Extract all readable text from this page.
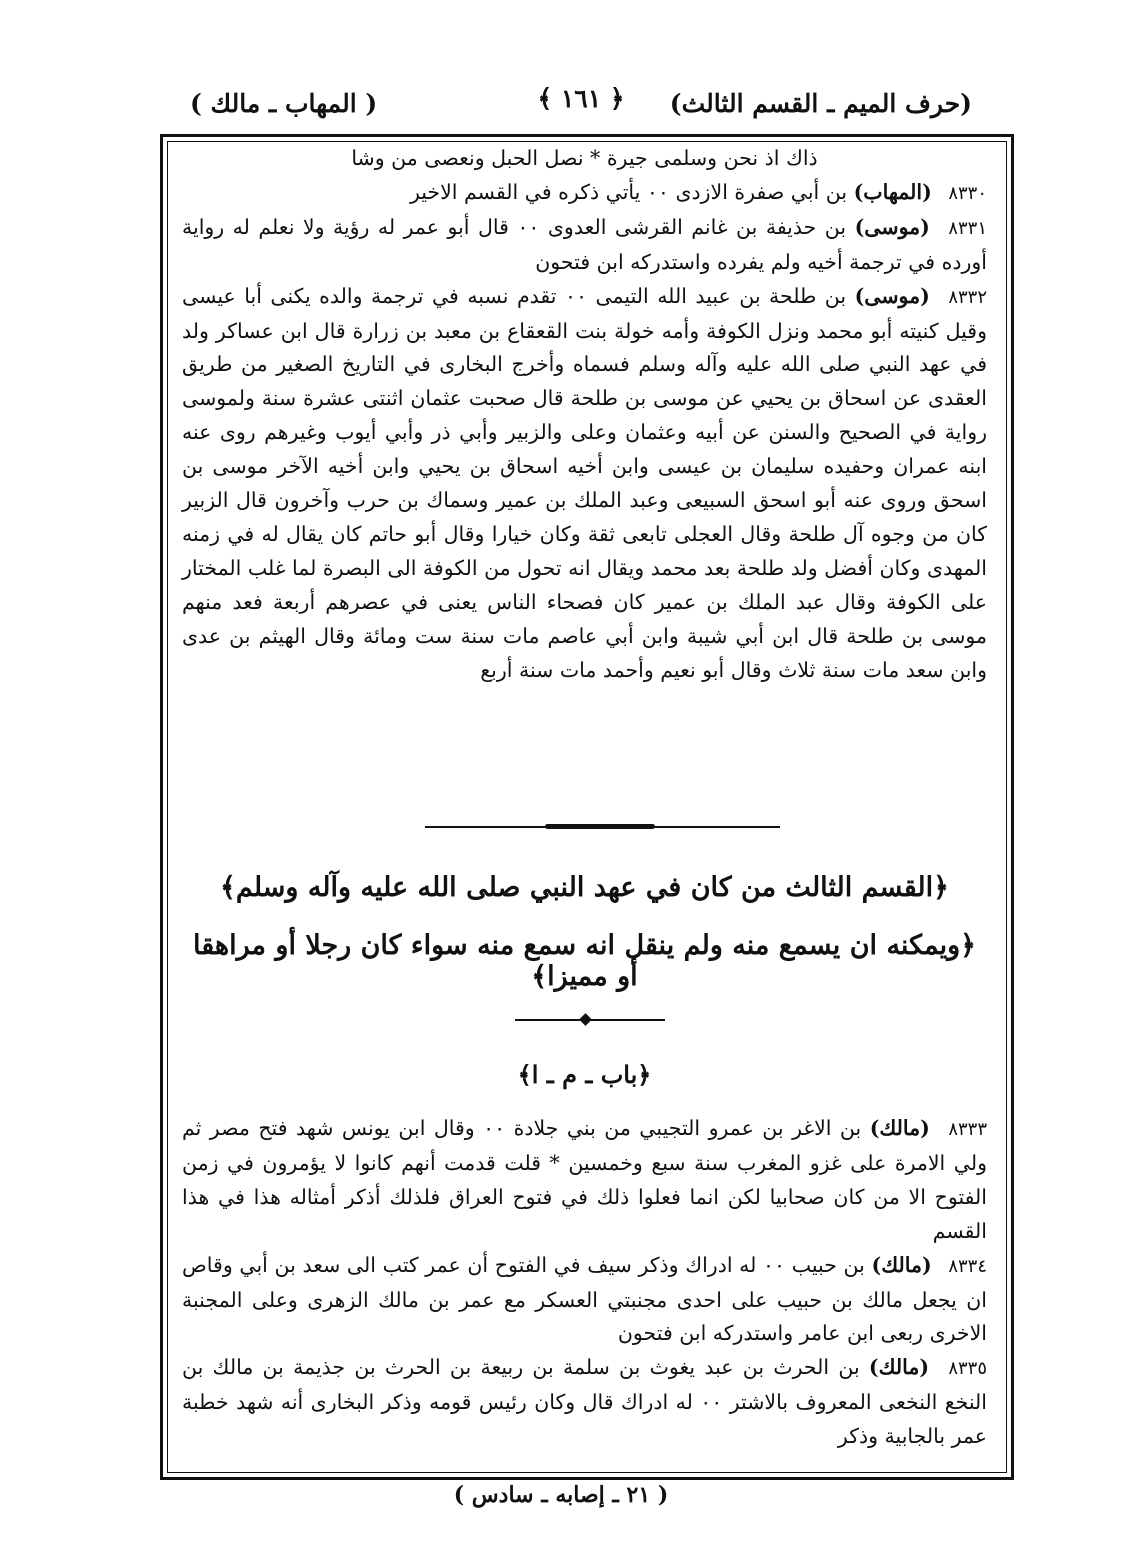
(حرف الميم ـ القسم الثالث)
﴿ ١٦١ ﴾
( المهاب ـ مالك )

ذاك اذ نحن وسلمى جيرة * نصل الحبل ونعصى من وشا

٨٣٣٠ (المهاب) بن أبي صفرة الازدى ٠٠ يأتي ذكره في القسم الاخير

٨٣٣١ (موسى) بن حذيفة بن غانم القرشى العدوى ٠٠ قال أبو عمر له رؤية ولا نعلم له رواية أورده في ترجمة أخيه ولم يفرده واستدركه ابن فتحون

٨٣٣٢ (موسى) بن طلحة بن عبيد الله التيمى ٠٠ تقدم نسبه في ترجمة والده يكنى أبا عيسى وقيل كنيته أبو محمد ونزل الكوفة وأمه خولة بنت القعقاع بن معبد بن زرارة قال ابن عساكر ولد في عهد النبي صلى الله عليه وآله وسلم فسماه وأخرج البخارى في التاريخ الصغير من طريق العقدى عن اسحاق بن يحيي عن موسى بن طلحة قال صحبت عثمان اثنتى عشرة سنة ولموسى رواية في الصحيح والسنن عن أبيه وعثمان وعلى والزبير وأبي ذر وأبي أيوب وغيرهم روى عنه ابنه عمران وحفيده سليمان بن عيسى وابن أخيه اسحاق بن يحيي وابن أخيه الآخر موسى بن اسحق وروى عنه أبو اسحق السبيعى وعبد الملك بن عمير وسماك بن حرب وآخرون قال الزبير كان من وجوه آل طلحة وقال العجلى تابعى ثقة وكان خيارا وقال أبو حاتم كان يقال له في زمنه المهدى وكان أفضل ولد طلحة بعد محمد ويقال انه تحول من الكوفة الى البصرة لما غلب المختار على الكوفة وقال عبد الملك بن عمير كان فصحاء الناس يعنى في عصرهم أربعة فعد منهم موسى بن طلحة قال ابن أبي شيبة وابن أبي عاصم مات سنة ست ومائة وقال الهيثم بن عدى وابن سعد مات سنة ثلاث وقال أبو نعيم وأحمد مات سنة أربع

﴿القسم الثالث من كان في عهد النبي صلى الله عليه وآله وسلم﴾
﴿ويمكنه ان يسمع منه ولم ينقل انه سمع منه سواء كان رجلا أو مراهقا أو مميزا﴾
﴿باب ـ م ـ ا﴾

٨٣٣٣ (مالك) بن الاغر بن عمرو التجيبي من بني جلادة ٠٠ وقال ابن يونس شهد فتح مصر ثم ولي الامرة على غزو المغرب سنة سبع وخمسين * قلت قدمت أنهم كانوا لا يؤمرون في زمن الفتوح الا من كان صحابيا لكن انما فعلوا ذلك في فتوح العراق فلذلك أذكر أمثاله هذا في هذا القسم

٨٣٣٤ (مالك) بن حبيب ٠٠ له ادراك وذكر سيف في الفتوح أن عمر كتب الى سعد بن أبي وقاص ان يجعل مالك بن حبيب على احدى مجنبتي العسكر مع عمر بن مالك الزهرى وعلى المجنبة الاخرى ربعى ابن عامر واستدركه ابن فتحون

٨٣٣٥ (مالك) بن الحرث بن عبد يغوث بن سلمة بن ربيعة بن الحرث بن جذيمة بن مالك بن النخع النخعى المعروف بالاشتر ٠٠ له ادراك قال وكان رئيس قومه وذكر البخارى أنه شهد خطبة عمر بالجابية وذكر

( ٢١ ـ إصابه ـ سادس )
